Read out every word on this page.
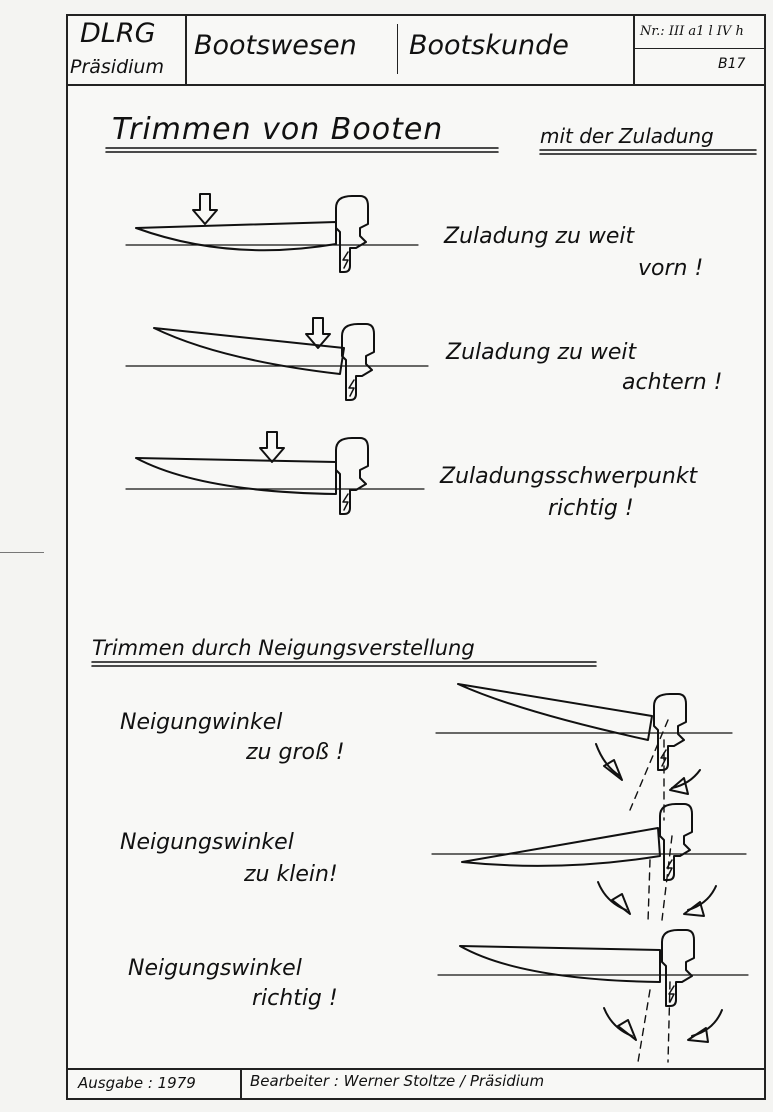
DLRG
Präsidium
Bootswesen Bootskunde	Nr.: III a1 l IV h
B17
Trimmen von Booten	mit der Zuladung
Zuladung zu weit
vorn !
Zuladung zu weit
achtern !
Zuladungsschwerpunkt
richtig !
Trimmen durch Neigungsverstellung
Neigungwinkel
zu groß !
Neigungswinkel
zu klein!
Neigungswinkel
richtig !
Ausgabe : 1979	Bearbeiter : Werner Stoltze / Präsidium
